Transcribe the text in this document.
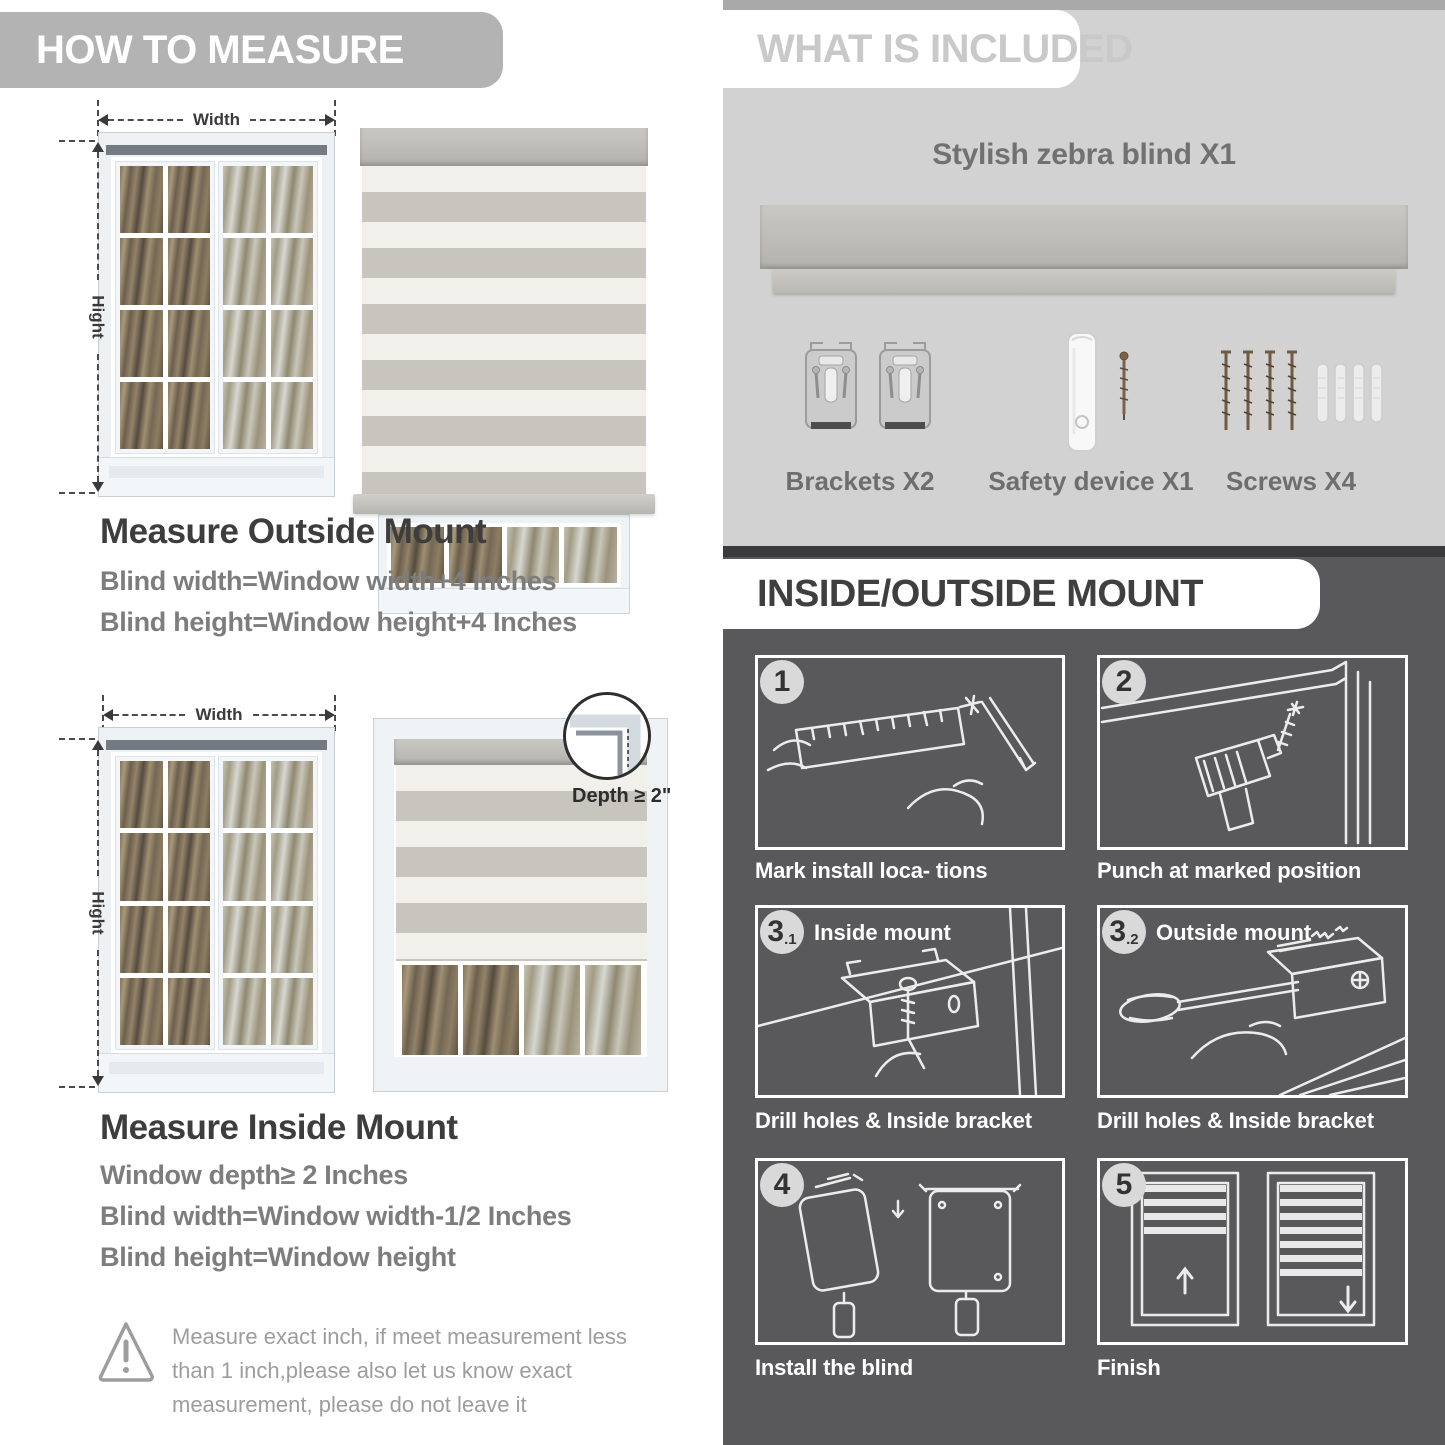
HOW TO MEASURE
Width
Hight
Measure Outside Mount
Blind width=Window width+4 Inches
Blind height=Window height+4 Inches
Width
Hight
Depth ≥ 2"
Measure Inside Mount
Window depth≥ 2 Inches
Blind width=Window width-1/2 Inches
Blind height=Window height
Measure exact inch, if meet measurement less than 1 inch,please also let us know exact measurement, please do not leave it
WHAT IS INCLUDED
Stylish zebra blind X1
Brackets X2 Safety device X1 Screws X4
INSIDE/OUTSIDE MOUNT
1	2
3 .1 Inside mount	3 .2 Outside mount
4	5
Mark install loca- tions	Punch at marked position
Drill holes & Inside bracket	Drill holes & Inside bracket
Install the blind	Finish
